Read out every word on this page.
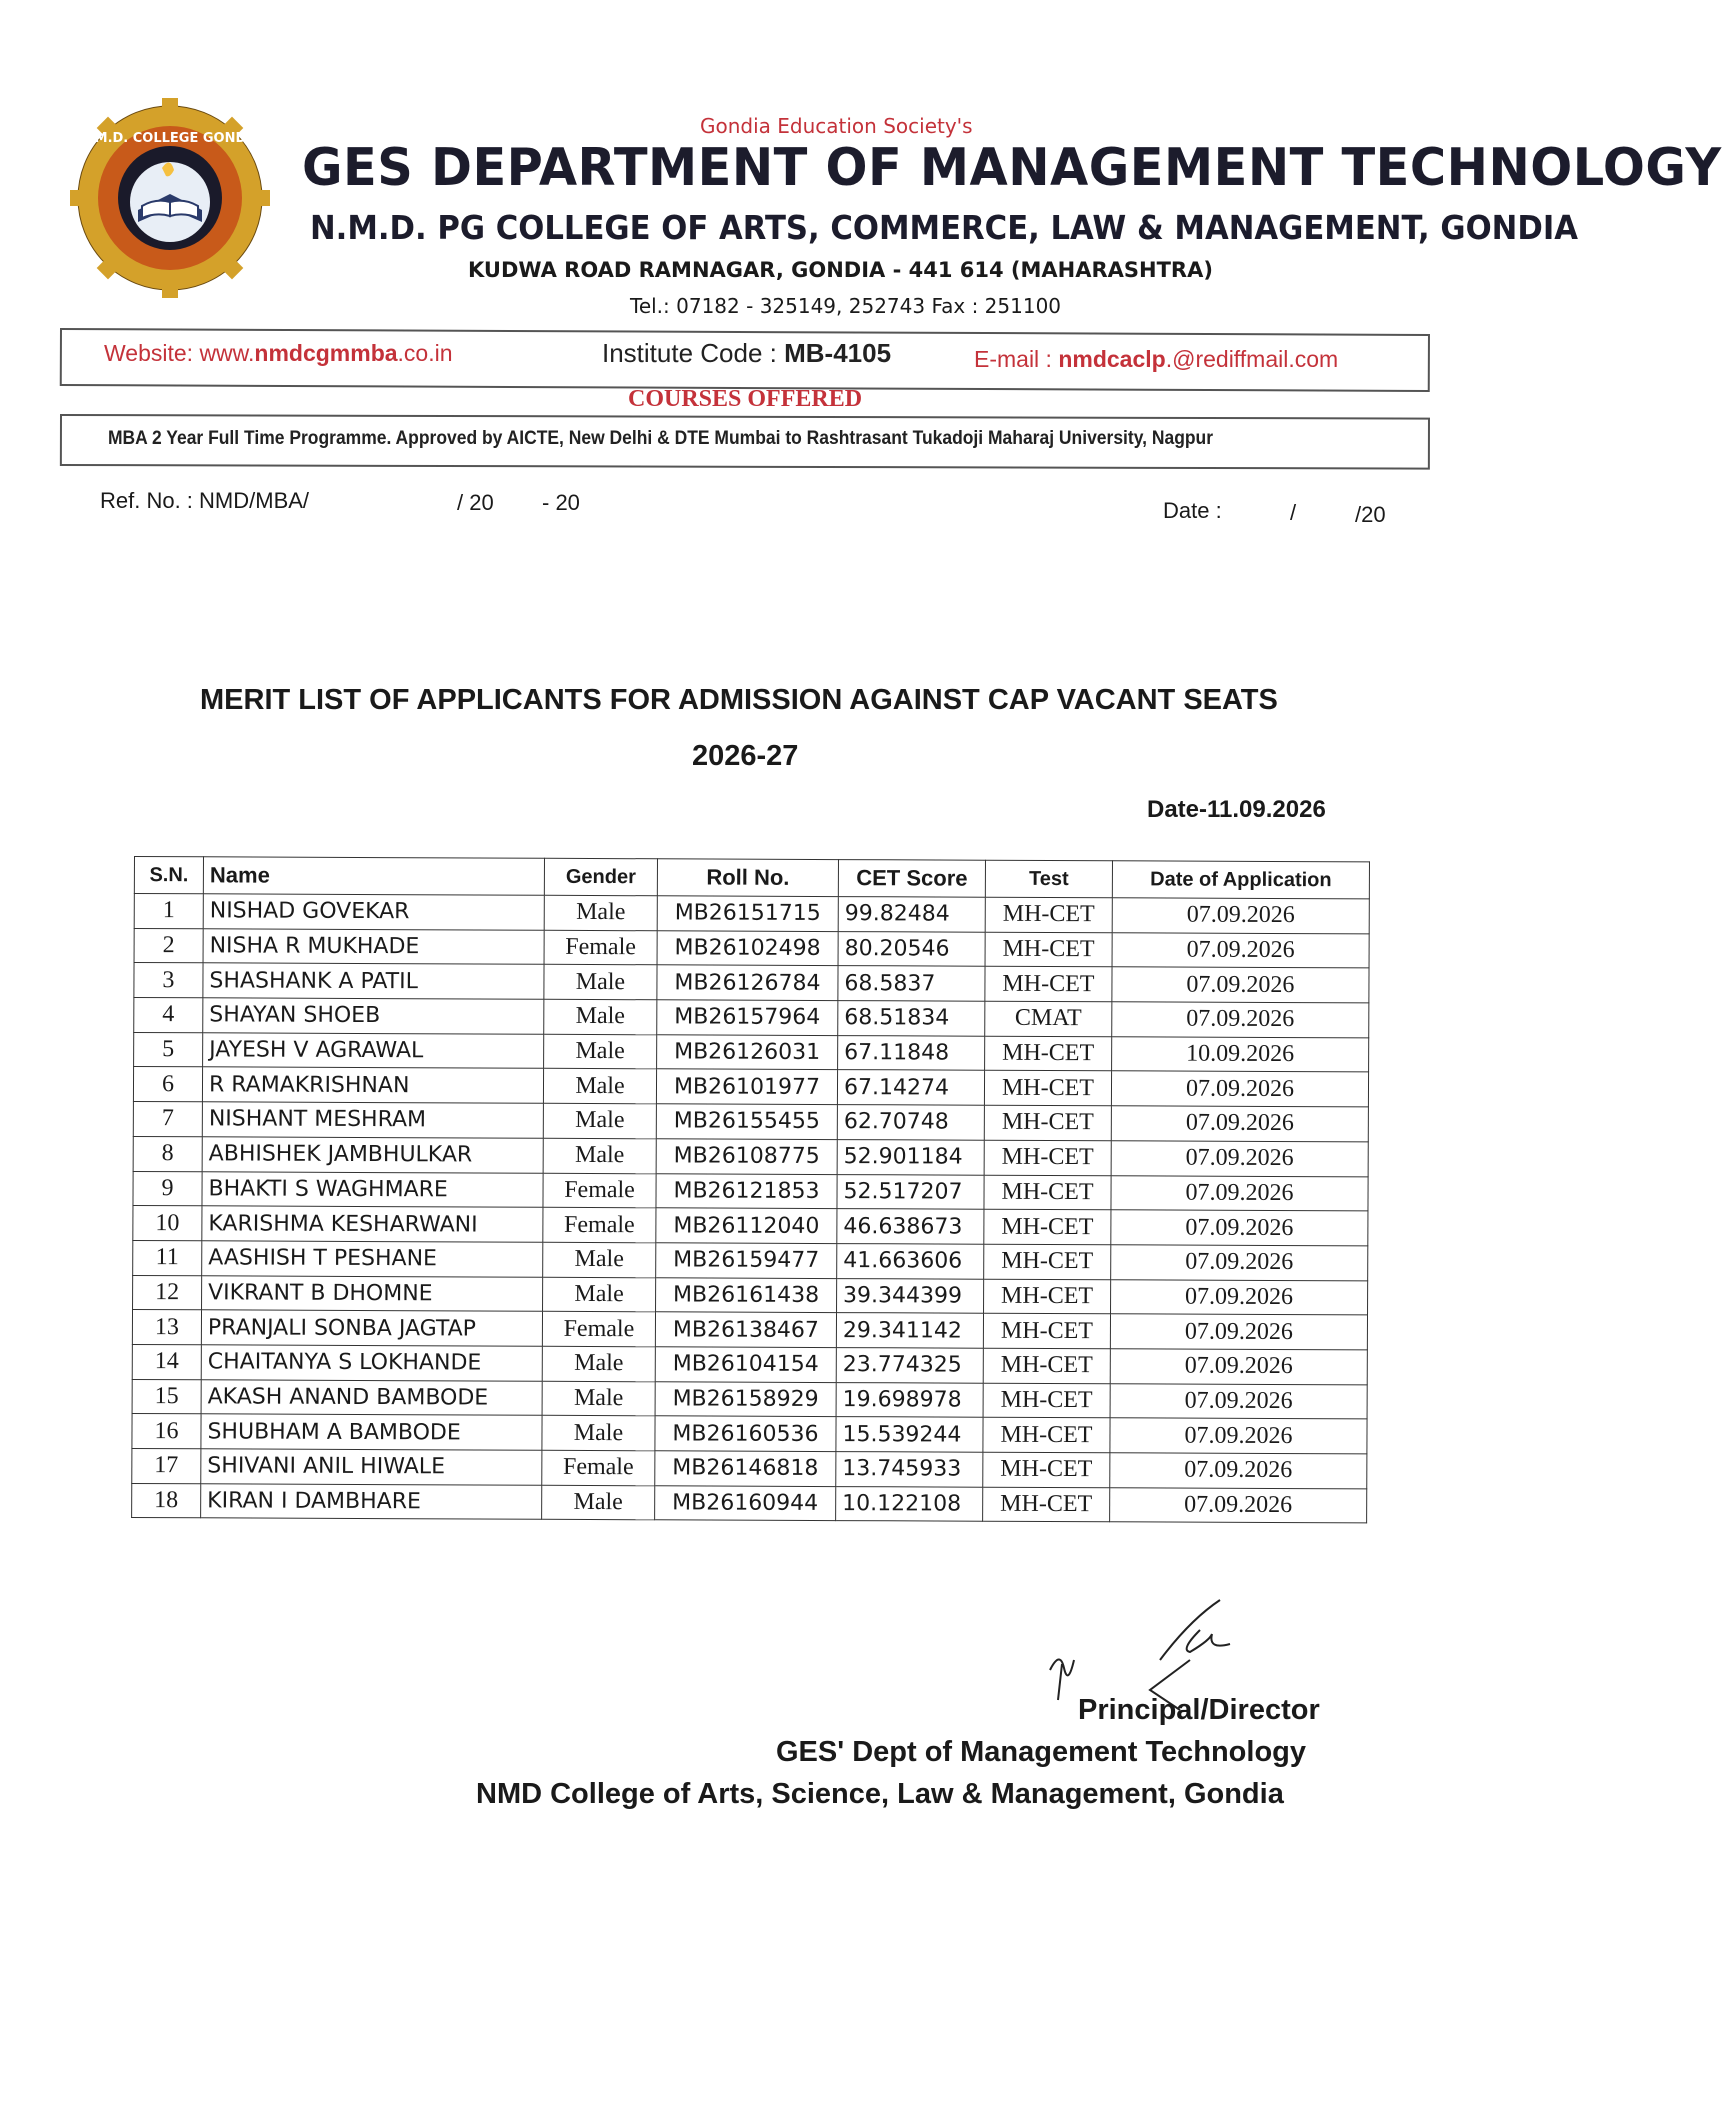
N.M.D. COLLEGE GONDIA
Gondia Education Society's
GES DEPARTMENT OF MANAGEMENT TECHNOLOGY
N.M.D. PG COLLEGE OF ARTS, COMMERCE, LAW & MANAGEMENT, GONDIA
KUDWA ROAD RAMNAGAR, GONDIA - 441 614 (MAHARASHTRA)
Tel.: 07182 - 325149, 252743 Fax : 251100
Website: www.nmdcgmmba.co.in	Institute Code : MB-4105	E-mail : nmdcaclp.@rediffmail.com
COURSES OFFERED
MBA 2 Year Full Time Programme. Approved by AICTE, New Delhi & DTE Mumbai to Rashtrasant Tukadoji Maharaj University, Nagpur
Ref. No. : NMD/MBA/	/ 20 - 20	Date :	/	/20
MERIT LIST OF APPLICANTS FOR ADMISSION AGAINST CAP VACANT SEATS
2026-27
Date-11.09.2026
S.N.	Name	Gender	Roll No.	CET Score	Test	Date of Application
1	NISHAD GOVEKAR	Male	MB26151715	99.82484	MH-CET	07.09.2026
2	NISHA R MUKHADE	Female	MB26102498	80.20546	MH-CET	07.09.2026
3	SHASHANK A PATIL	Male	MB26126784	68.5837	MH-CET	07.09.2026
4	SHAYAN SHOEB	Male	MB26157964	68.51834	CMAT	07.09.2026
5	JAYESH V AGRAWAL	Male	MB26126031	67.11848	MH-CET	10.09.2026
6	R RAMAKRISHNAN	Male	MB26101977	67.14274	MH-CET	07.09.2026
7	NISHANT MESHRAM	Male	MB26155455	62.70748	MH-CET	07.09.2026
8	ABHISHEK JAMBHULKAR	Male	MB26108775	52.901184	MH-CET	07.09.2026
9	BHAKTI S WAGHMARE	Female	MB26121853	52.517207	MH-CET	07.09.2026
10	KARISHMA KESHARWANI	Female	MB26112040	46.638673	MH-CET	07.09.2026
11	AASHISH T PESHANE	Male	MB26159477	41.663606	MH-CET	07.09.2026
12	VIKRANT B DHOMNE	Male	MB26161438	39.344399	MH-CET	07.09.2026
13	PRANJALI SONBA JAGTAP	Female	MB26138467	29.341142	MH-CET	07.09.2026
14	CHAITANYA S LOKHANDE	Male	MB26104154	23.774325	MH-CET	07.09.2026
15	AKASH ANAND BAMBODE	Male	MB26158929	19.698978	MH-CET	07.09.2026
16	SHUBHAM A BAMBODE	Male	MB26160536	15.539244	MH-CET	07.09.2026
17	SHIVANI ANIL HIWALE	Female	MB26146818	13.745933	MH-CET	07.09.2026
18	KIRAN I DAMBHARE	Male	MB26160944	10.122108	MH-CET	07.09.2026
Principal/Director
GES' Dept of Management Technology
NMD College of Arts, Science, Law & Management, Gondia
